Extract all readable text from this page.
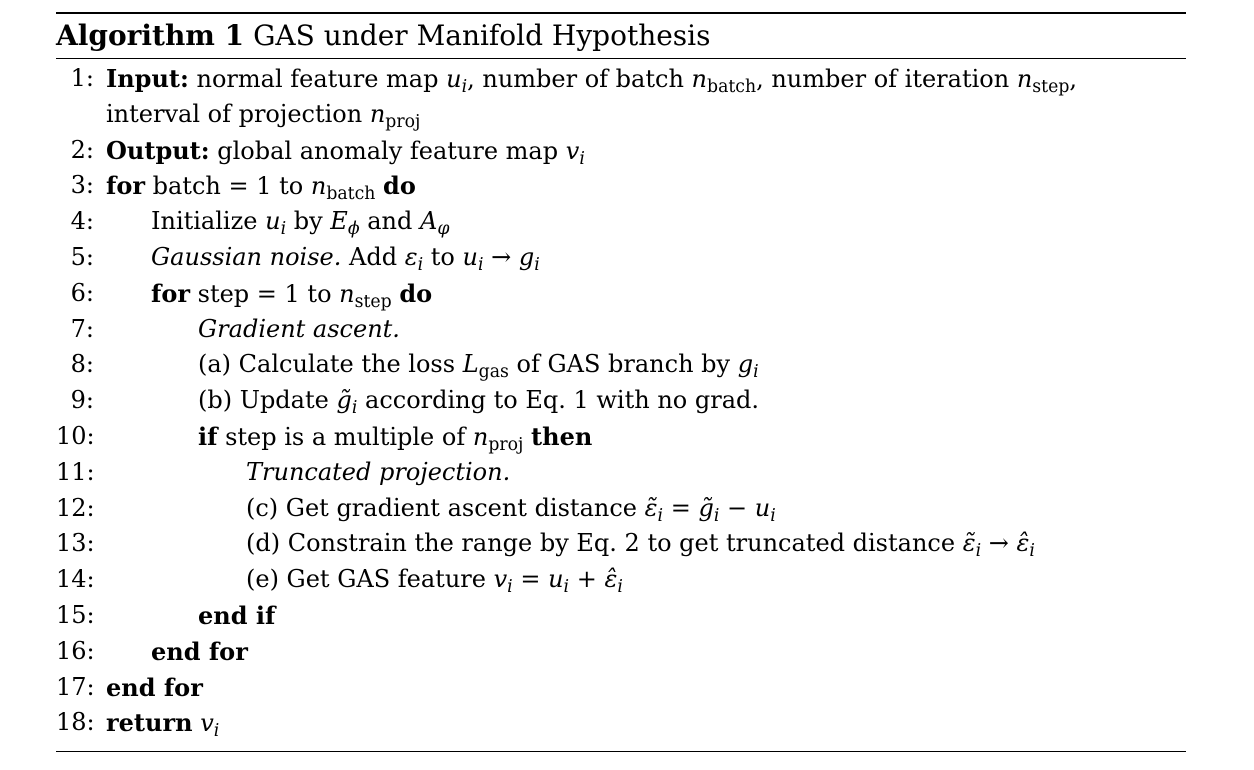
Algorithm 1 GAS under Manifold Hypothesis
1: Input: normal feature map $u_i$, number of batch $n_{batch}$, number of iteration $n_{step}$,
interval of projection $n_{proj}$
2: Output: global anomaly feature map $v_i$
3: for batch = 1 to $n_{batch}$ do
4: Initialize $u_i$ by $E_\phi$ and $A_\varphi$
5: Gaussian noise. Add $\varepsilon_i$ to $u_i \to g_i$
6: for step = 1 to $n_{step}$ do
7:	Gradient ascent.
8:	(a) Calculate the loss $L_{gas}$ of GAS branch by $g_i$
9:	(b) Update $g̃_i$ according to Eq. 1 with no grad.
10:	if step is a multiple of $n_{proj}$ then
11:	Truncated projection.
12:	(c) Get gradient ascent distance $\varepsiloñ_i$ = $g̃_i - u_i$
13:	(d) Constrain the range by Eq. 2 to get truncated distance $\varepsiloñ_i$ → $\varepsilon̂_i$
14:	(e) Get GAS feature $v_i = u_i$ + $\varepsilon̂_i$
15:	end if
16: end for
17: end for
18: return $v_i$
